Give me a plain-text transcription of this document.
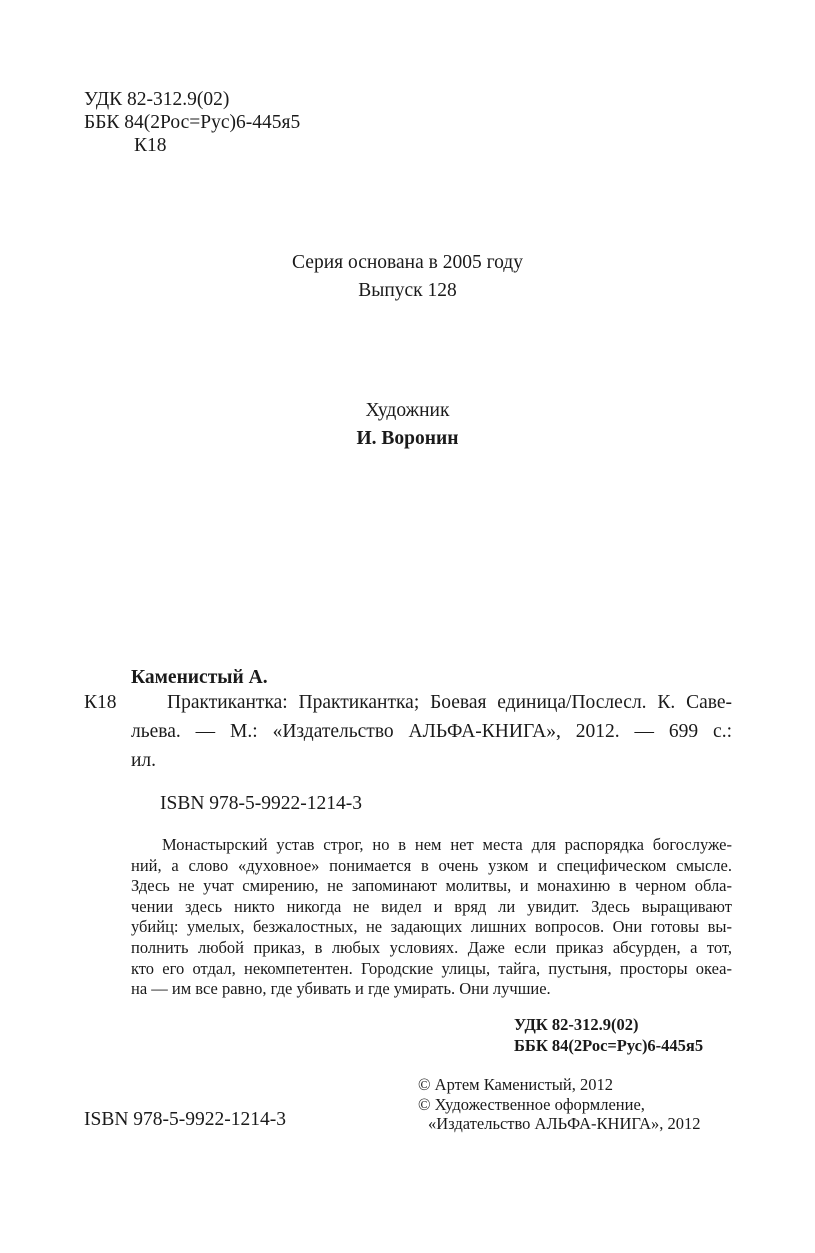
УДК 82-312.9(02)
ББК 84(2Рос=Рус)6-445я5
К18
Серия основана в 2005 году
Выпуск 128
Художник
И. Воронин
Каменистый А.
К18	Практикантка: Практикантка; Боевая единица/Послесл. К. Саве-
льева. — М.: «Издательство АЛЬФА-КНИГА», 2012. — 699 с.:
ил.
ISBN 978-5-9922-1214-3
Монастырский устав строг, но в нем нет места для распорядка богослуже-
ний, а слово «духовное» понимается в очень узком и специфическом смысле.
Здесь не учат смирению, не запоминают молитвы, и монахиню в черном обла-
чении здесь никто никогда не видел и вряд ли увидит. Здесь выращивают
убийц: умелых, безжалостных, не задающих лишних вопросов. Они готовы вы-
полнить любой приказ, в любых условиях. Даже если приказ абсурден, а тот,
кто его отдал, некомпетентен. Городские улицы, тайга, пустыня, просторы океа-
на — им все равно, где убивать и где умирать. Они лучшие.
УДК 82-312.9(02)
ББК 84(2Рос=Рус)6-445я5
© Артем Каменистый, 2012
© Художественное оформление,
«Издательство АЛЬФА-КНИГА», 2012
ISBN 978-5-9922-1214-3
